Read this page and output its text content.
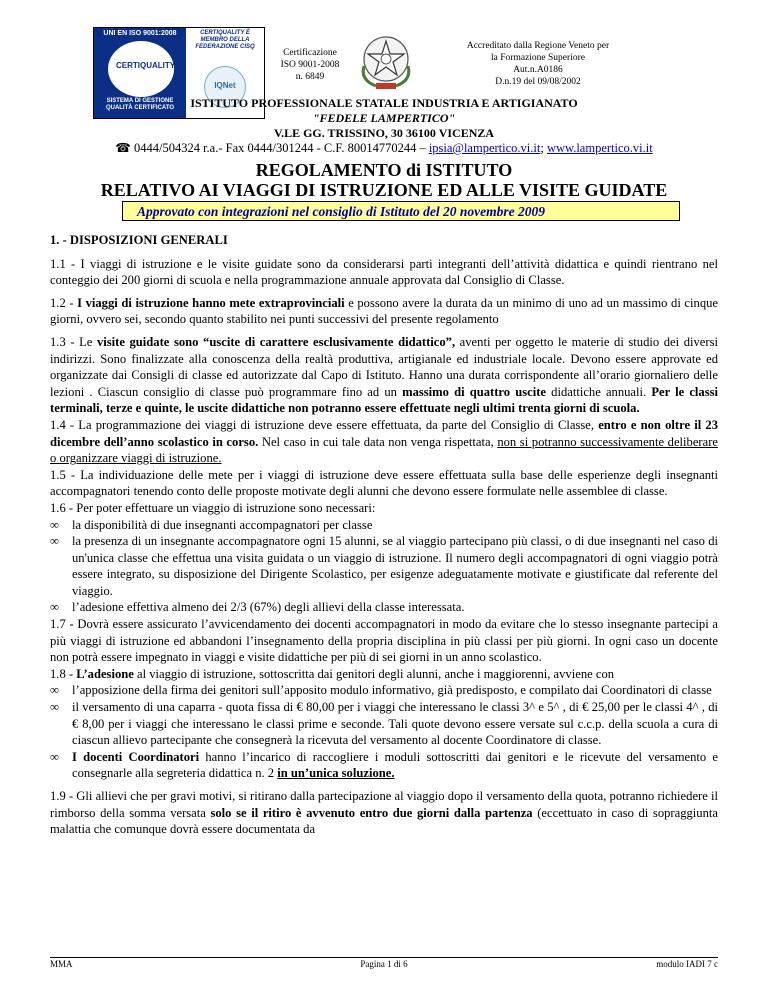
UNI EN ISO 9001:2008
CERTIQUALITY
SISTEMA DI GESTIONE QUALITÀ CERTIFICATO
CERTIQUALITY È MEMBRO DELLA FEDERAZIONE CISQ
IQNet
Certificazione
ISO 9001-2008
n. 6849
Accreditato dalla Regione Veneto per
la Formazione Superiore
Aut.n.A0186
D.n.19 del 09/08/2002
ISTITUTO PROFESSIONALE STATALE INDUSTRIA E ARTIGIANATO
"FEDELE LAMPERTICO"
V.LE GG. TRISSINO, 30 36100 VICENZA
☎ 0444/504324 r.a.- Fax 0444/301244 - C.F. 80014770244 – ipsia@lampertico.vi.it; www.lampertico.vi.it
REGOLAMENTO di ISTITUTO
RELATIVO AI VIAGGI DI ISTRUZIONE ED ALLE VISITE GUIDATE
Approvato con integrazioni nel consiglio di Istituto del 20 novembre 2009

1. - DISPOSIZIONI GENERALI

1.1 - I viaggi di istruzione e le visite guidate sono da considerarsi parti integranti dell’attività didattica e quindi rientrano nel conteggio dei 200 giorni di scuola e nella programmazione annuale approvata dal Consiglio di Classe.

1.2 - I viaggi di istruzione hanno mete extraprovinciali e possono avere la durata da un minimo di uno ad un massimo di cinque giorni, ovvero sei, secondo quanto stabilito nei punti successivi del presente regolamento

1.3 - Le visite guidate sono “uscite di carattere esclusivamente didattico”, aventi per oggetto le materie di studio dei diversi indirizzi. Sono finalizzate alla conoscenza della realtà produttiva, artigianale ed industriale locale. Devono essere approvate ed organizzate dai Consigli di classe ed autorizzate dal Capo di Istituto. Hanno una durata corrispondente all’orario giornaliero delle lezioni . Ciascun consiglio di classe può programmare fino ad un massimo di quattro uscite didattiche annuali. Per le classi terminali, terze e quinte, le uscite didattiche non potranno essere effettuate negli ultimi trenta giorni di scuola.

1.4 - La programmazione dei viaggi di istruzione deve essere effettuata, da parte del Consiglio di Classe, entro e non oltre il 23 dicembre dell’anno scolastico in corso. Nel caso in cui tale data non venga rispettata, non si potranno successivamente deliberare o organizzare viaggi di istruzione.

1.5 - La individuazione delle mete per i viaggi di istruzione deve essere effettuata sulla base delle esperienze degli insegnanti accompagnatori tenendo conto delle proposte motivate degli alunni che devono essere formulate nelle assemblee di classe.

1.6 - Per poter effettuare un viaggio di istruzione sono necessari:

∞ la disponibilità di due insegnanti accompagnatori per classe

∞ la presenza di un insegnante accompagnatore ogni 15 alunni, se al viaggio partecipano più classi, o di due insegnanti nel caso di un'unica classe che effettua una visita guidata o un viaggio di istruzione. Il numero degli accompagnatori di ogni viaggio potrà essere integrato, su disposizione del Dirigente Scolastico, per esigenze adeguatamente motivate e giustificate dal referente del viaggio.

∞ l’adesione effettiva almeno dei 2/3 (67%) degli allievi della classe interessata.

1.7 - Dovrà essere assicurato l’avvicendamento dei docenti accompagnatori in modo da evitare che lo stesso insegnante partecipi a più viaggi di istruzione ed abbandoni l’insegnamento della propria disciplina in più classi per più giorni. In ogni caso un docente non potrà essere impegnato in viaggi e visite didattiche per più di sei giorni in un anno scolastico.

1.8 - L’adesione al viaggio di istruzione, sottoscritta dai genitori degli alunni, anche i maggiorenni, avviene con

∞ l’apposizione della firma dei genitori sull’apposito modulo informativo, già predisposto, e compilato dai Coordinatori di classe

∞ il versamento di una caparra - quota fissa di € 80,00 per i viaggi che interessano le classi 3^ e 5^ , di € 25,00 per le classi 4^ , di € 8,00 per i viaggi che interessano le classi prime e seconde. Tali quote devono essere versate sul c.c.p. della scuola a cura di ciascun allievo partecipante che consegnerà la ricevuta del versamento al docente Coordinatore di classe.

∞ I docenti Coordinatori hanno l’incarico di raccogliere i moduli sottoscritti dai genitori e le ricevute del versamento e consegnarle alla segreteria didattica n. 2 in un’unica soluzione.

1.9 - Gli allievi che per gravi motivi, si ritirano dalla partecipazione al viaggio dopo il versamento della quota, potranno richiedere il rimborso della somma versata solo se il ritiro è avvenuto entro due giorni dalla partenza (eccettuato in caso di sopraggiunta malattia che comunque dovrà essere documentata da

MMA	Pagina 1 di 6	modulo IADI 7 c
